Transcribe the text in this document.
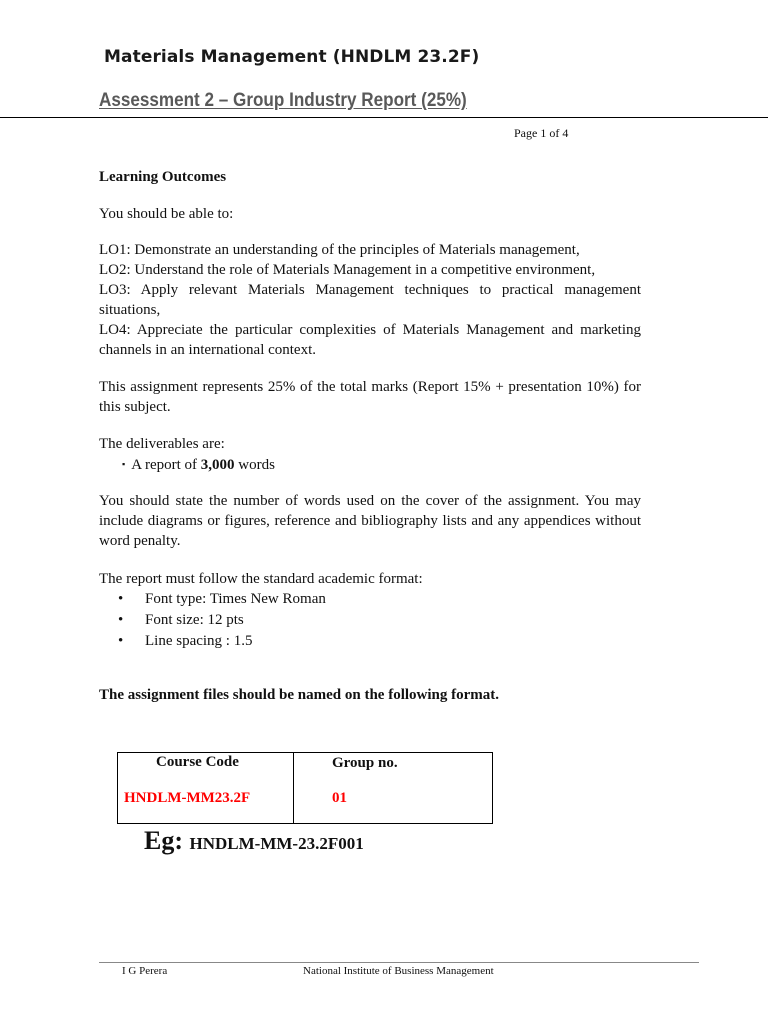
Materials Management (HNDLM 23.2F)
Assessment 2 – Group Industry Report (25%)
Page 1 of 4
Learning Outcomes
You should be able to:
LO1: Demonstrate an understanding of the principles of Materials management,
LO2: Understand the role of Materials Management in a competitive environment,
LO3: Apply relevant Materials Management techniques to practical management
situations,
LO4: Appreciate the particular complexities of Materials Management and marketing
channels in an international context.
This assignment represents 25% of the total marks (Report 15% + presentation 10%) for this subject.
The deliverables are:
▪ A report of 3,000 words
You should state the number of words used on the cover of the assignment. You may include diagrams or figures, reference and bibliography lists and any appendices without word penalty.
The report must follow the standard academic format:
•	Font type: Times New Roman
•	Font size: 12 pts
•	Line spacing : 1.5
The assignment files should be named on the following format.
Course Code	Group no.
HNDLM-MM23.2F	01
Eg: HNDLM-MM-23.2F001
I G Perera	National Institute of Business Management
